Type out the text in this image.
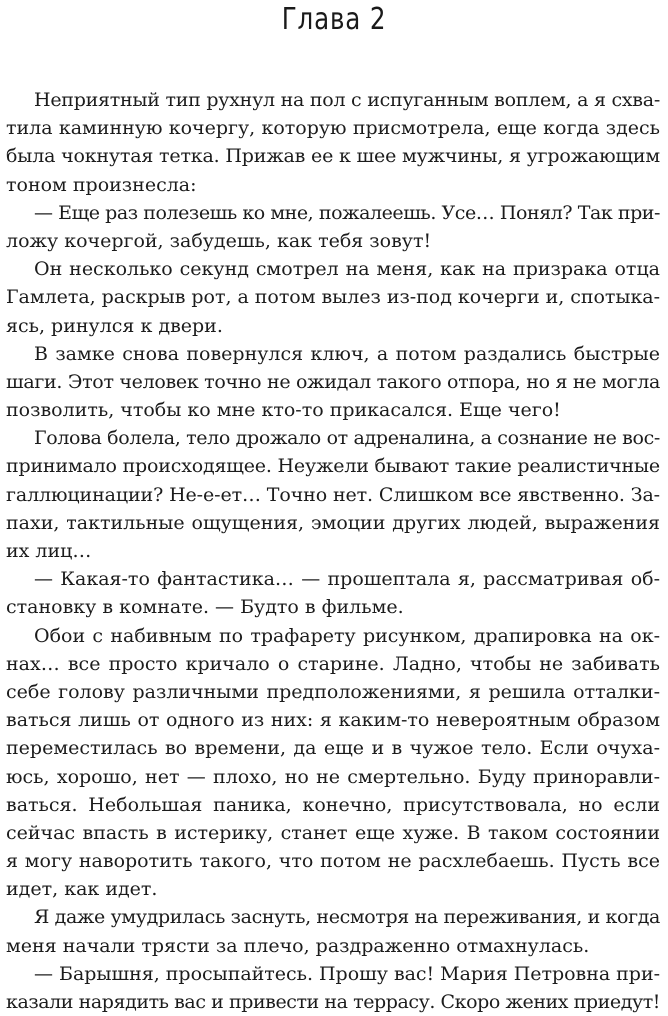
Глава 2
Неприятный тип рухнул на пол с испуганным воплем, а я схва-
тила каминную кочергу, которую присмотрела, еще когда здесь
была чокнутая тетка. Прижав ее к шее мужчины, я угрожающим
тоном произнесла:
— Еще раз полезешь ко мне, пожалеешь. Усе… Понял? Так при-
ложу кочергой, забудешь, как тебя зовут!
Он несколько секунд смотрел на меня, как на призрака отца
Гамлета, раскрыв рот, а потом вылез из-под кочерги и, спотыка-
ясь, ринулся к двери.
В замке снова повернулся ключ, а потом раздались быстрые
шаги. Этот человек точно не ожидал такого отпора, но я не могла
позволить, чтобы ко мне кто-то прикасался. Еще чего!
Голова болела, тело дрожало от адреналина, а сознание не вос-
принимало происходящее. Неужели бывают такие реалистичные
галлюцинации? Не-е-ет… Точно нет. Слишком все явственно. За-
пахи, тактильные ощущения, эмоции других людей, выражения
их лиц…
— Какая-то фантастика… — прошептала я, рассматривая об-
становку в комнате. — Будто в фильме.
Обои с набивным по трафарету рисунком, драпировка на ок-
нах… все просто кричало о старине. Ладно, чтобы не забивать
себе голову различными предположениями, я решила отталки-
ваться лишь от одного из них: я каким-то невероятным образом
переместилась во времени, да еще и в чужое тело. Если очуха-
юсь, хорошо, нет — плохо, но не смертельно. Буду приноравли-
ваться. Небольшая паника, конечно, присутствовала, но если
сейчас впасть в истерику, станет еще хуже. В таком состоянии
я могу наворотить такого, что потом не расхлебаешь. Пусть все
идет, как идет.
Я даже умудрилась заснуть, несмотря на переживания, и когда
меня начали трясти за плечо, раздраженно отмахнулась.
— Барышня, просыпайтесь. Прошу вас! Мария Петровна при-
казали нарядить вас и привести на террасу. Скоро жених приедут!
